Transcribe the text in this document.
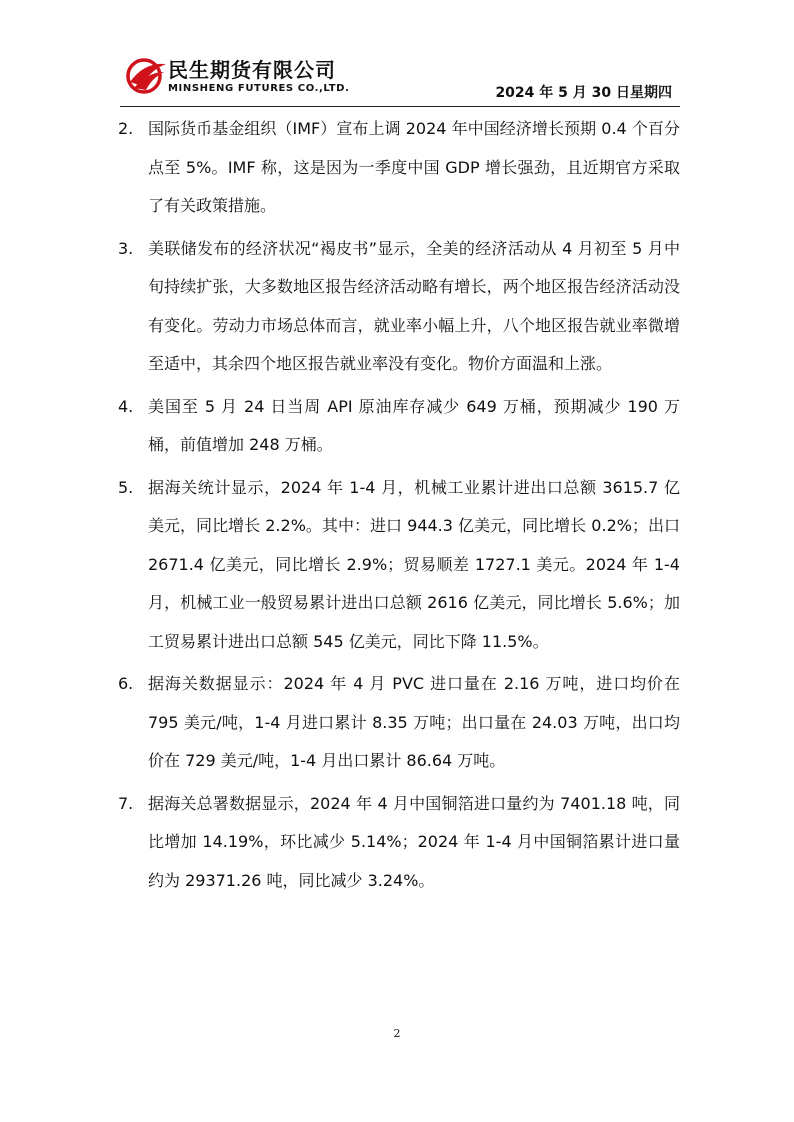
民生期货有限公司
MINSHENG FUTURES CO.,LTD.	2024 年 5 月 30 日星期四
2. 国际货币基金组织（IMF）宣布上调 2024 年中国经济增长预期 0.4 个百分点至 5%。IMF 称，这是因为一季度中国 GDP 增长强劲，且近期官方采取了有关政策措施。
3. 美联储发布的经济状况“褐皮书”显示，全美的经济活动从 4 月初至 5 月中旬持续扩张，大多数地区报告经济活动略有增长，两个地区报告经济活动没有变化。劳动力市场总体而言，就业率小幅上升，八个地区报告就业率微增至适中，其余四个地区报告就业率没有变化。物价方面温和上涨。
4. 美国至 5 月 24 日当周 API 原油库存减少 649 万桶，预期减少 190 万桶，前值增加 248 万桶。
5. 据海关统计显示，2024 年 1-4 月，机械工业累计进出口总额 3615.7 亿美元，同比增长 2.2%。其中：进口 944.3 亿美元，同比增长 0.2%；出口 2671.4 亿美元，同比增长 2.9%；贸易顺差 1727.1 美元。2024 年 1-4 月，机械工业一般贸易累计进出口总额 2616 亿美元，同比增长 5.6%；加工贸易累计进出口总额 545 亿美元，同比下降 11.5%。
6. 据海关数据显示：2024 年 4 月 PVC 进口量在 2.16 万吨，进口均价在 795 美元/吨，1-4 月进口累计 8.35 万吨；出口量在 24.03 万吨，出口均价在 729 美元/吨，1-4 月出口累计 86.64 万吨。
7. 据海关总署数据显示，2024 年 4 月中国铜箔进口量约为 7401.18 吨，同比增加 14.19%，环比减少 5.14%；2024 年 1-4 月中国铜箔累计进口量约为 29371.26 吨，同比减少 3.24%。
2
